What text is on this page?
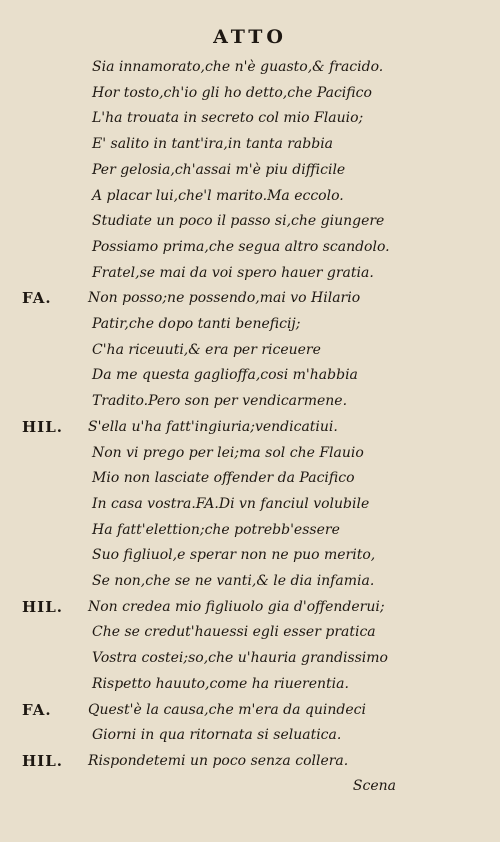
ATTO
Sia innamorato,che n'è guasto,& fracido.
Hor tosto,ch'io gli ho detto,che Pacifico
L'ha trouata in secreto col mio Flauio;
E' salito in tant'ira,in tanta rabbia
Per gelosia,ch'assai m'è piu difficile
A placar lui,che'l marito.Ma eccolo.
Studiate un poco il passo si,che giungere
Possiamo prima,che segua altro scandolo.
Fratel,se mai da voi spero hauer gratia.
FA.	Non posso;ne possendo,mai vo Hilario
Patir,che dopo tanti beneficij;
C'ha riceuuti,& era per riceuere
Da me questa gaglioffa,cosi m'habbia
Tradito.Pero son per vendicarmene.
HIL.	S'ella u'ha fatt'ingiuria;vendicatiui.
Non vi prego per lei;ma sol che Flauio
Mio non lasciate offender da Pacifico
In casa vostra.FA.Di vn fanciul volubile
Ha fatt'elettion;che potrebb'essere
Suo figliuol,e sperar non ne puo merito,
Se non,che se ne vanti,& le dia infamia.
HIL.	Non credea mio figliuolo gia d'offenderui;
Che se credut'hauessi egli esser pratica
Vostra costei;so,che u'hauria grandissimo
Rispetto hauuto,come ha riuerentia.
FA.	Quest'è la causa,che m'era da quindeci
Giorni in qua ritornata si seluatica.
HIL.	Rispondetemi un poco senza collera.
Scena
